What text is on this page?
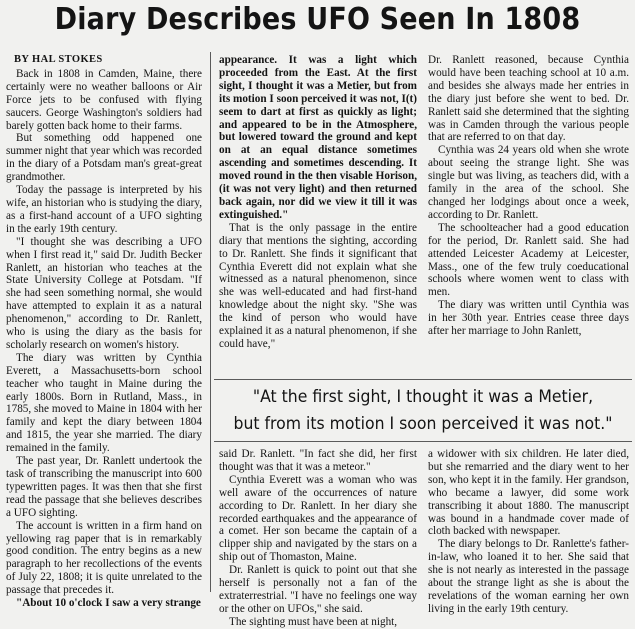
Diary Describes UFO Seen In 1808

BY HAL STOKES

Back in 1808 in Camden, Maine, there certainly were no weather balloons or Air Force jets to be confused with flying saucers. George Washington's soldiers had barely gotten back home to their farms.

But something odd happened one summer night that year which was recorded in the diary of a Potsdam man's great-great grandmother.

Today the passage is interpreted by his wife, an historian who is studying the diary, as a first-hand account of a UFO sighting in the early 19th century.

"I thought she was describing a UFO when I first read it," said Dr. Judith Becker Ranlett, an historian who teaches at the State University College at Potsdam. "If she had seen something normal, she would have attempted to explain it as a natural phenomenon," according to Dr. Ranlett, who is using the diary as the basis for scholarly research on women's history.

The diary was written by Cynthia Everett, a Massachusetts-born school teacher who taught in Maine during the early 1800s. Born in Rutland, Mass., in 1785, she moved to Maine in 1804 with her family and kept the diary between 1804 and 1815, the year she married. The diary remained in the family.

The past year, Dr. Ranlett undertook the task of transcribing the manuscript into 600 typewritten pages. It was then that she first read the passage that she believes describes a UFO sighting.

The account is written in a firm hand on yellowing rag paper that is in remarkably good condition. The entry begins as a new paragraph to her recollections of the events of July 22, 1808; it is quite unrelated to the passage that precedes it.

"About 10 o'clock I saw a very strange

appearance. It was a light which proceeded from the East. At the first sight, I thought it was a Metier, but from its motion I soon perceived it was not, I(t) seem to dart at first as quickly as light; and appeared to be in the Atmosphere, but lowered toward the ground and kept on at an equal distance sometimes ascending and sometimes descending. It moved round in the then visable Horison, (it was not very light) and then returned back again, nor did we view it till it was extinguished."

That is the only passage in the entire diary that mentions the sighting, according to Dr. Ranlett. She finds it significant that Cynthia Everett did not explain what she witnessed as a natural phenomenon, since she was well-educated and had first-hand knowledge about the night sky. "She was the kind of person who would have explained it as a natural phenomenon, if she could have,"

Dr. Ranlett reasoned, because Cynthia would have been teaching school at 10 a.m. and besides she always made her entries in the diary just before she went to bed. Dr. Ranlett said she determined that the sighting was in Camden through the various people that are referred to on that day.

Cynthia was 24 years old when she wrote about seeing the strange light. She was single but was living, as teachers did, with a family in the area of the school. She changed her lodgings about once a week, according to Dr. Ranlett.

The schoolteacher had a good education for the period, Dr. Ranlett said. She had attended Leicester Academy at Leicester, Mass., one of the few truly coeducational schools where women went to class with men.

The diary was written until Cynthia was in her 30th year. Entries cease three days after her marriage to John Ranlett,

"At the first sight, I thought it was a Metier,
but from its motion I soon perceived it was not."

said Dr. Ranlett. "In fact she did, her first thought was that it was a meteor."

Cynthia Everett was a woman who was well aware of the occurrences of nature according to Dr. Ranlett. In her diary she recorded earthquakes and the appearance of a comet. Her son became the captain of a clipper ship and navigated by the stars on a ship out of Thomaston, Maine.

Dr. Ranlett is quick to point out that she herself is personally not a fan of the extraterrestrial. "I have no feelings one way or the other on UFOs," she said.

The sighting must have been at night,

a widower with six children. He later died, but she remarried and the diary went to her son, who kept it in the family. Her grandson, who became a lawyer, did some work transcribing it about 1880. The manuscript was bound in a handmade cover made of cloth backed with newspaper.

The diary belongs to Dr. Ranlette's father-in-law, who loaned it to her. She said that she is not nearly as interested in the passage about the strange light as she is about the revelations of the woman earning her own living in the early 19th century.
